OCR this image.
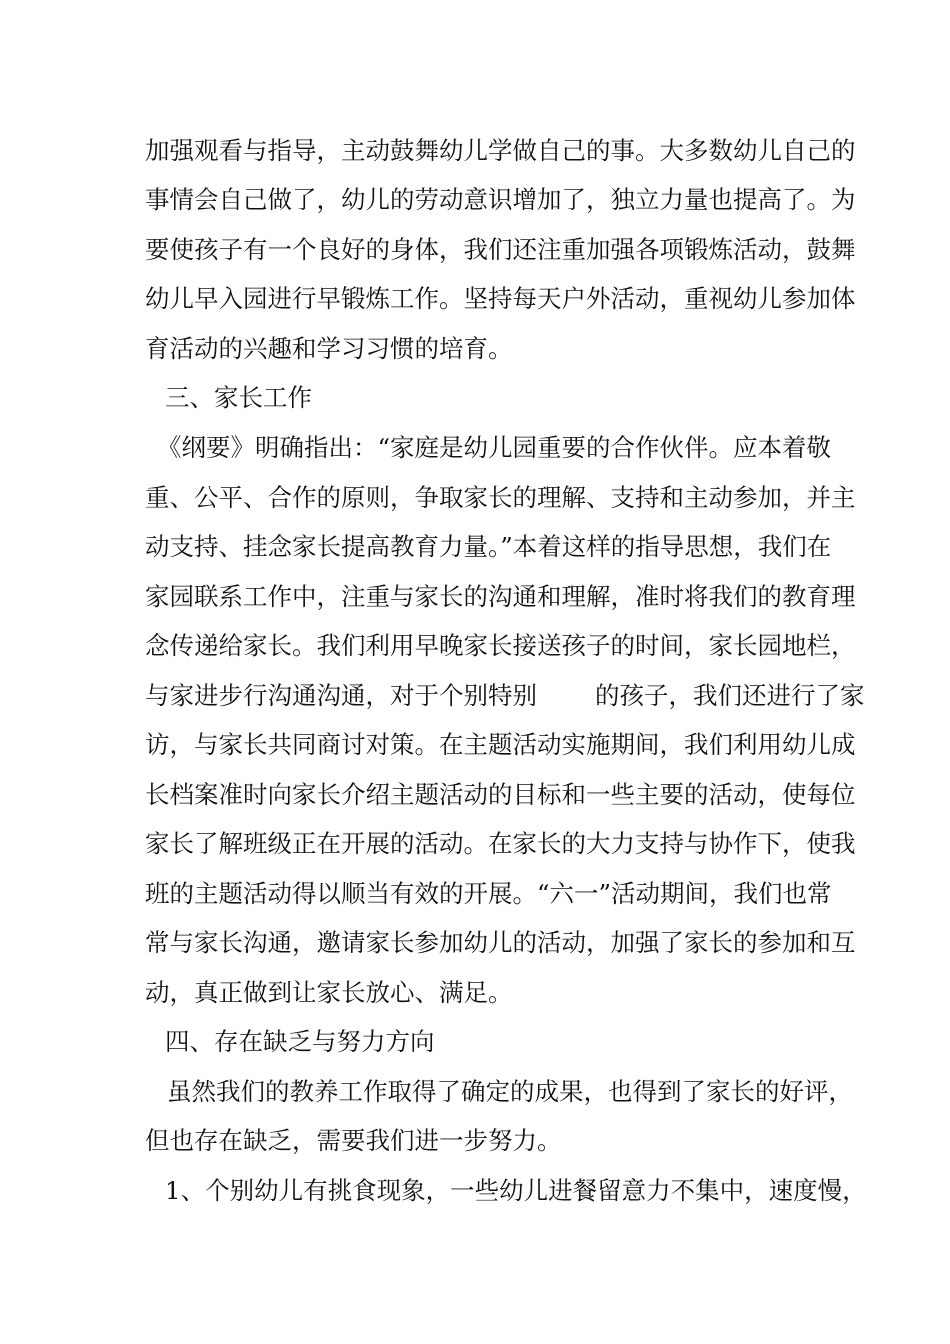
加强观看与指导，主动鼓舞幼儿学做自己的事。大多数幼儿自己的
事情会自己做了，幼儿的劳动意识增加了，独立力量也提高了。为
要使孩子有一个良好的身体，我们还注重加强各项锻炼活动，鼓舞
幼儿早入园进行早锻炼工作。坚持每天户外活动，重视幼儿参加体
育活动的兴趣和学习习惯的培育。
三、家长工作
《纲要》明确指出：“家庭是幼儿园重要的合作伙伴。应本着敬
重、公平、合作的原则，争取家长的理解、支持和主动参加，并主
动支持、挂念家长提高教育力量。”本着这样的指导思想，我们在
家园联系工作中，注重与家长的沟通和理解，准时将我们的教育理
念传递给家长。我们利用早晚家长接送孩子的时间，家长园地栏，
与家进步行沟通沟通，对于个别特别 的孩子，我们还进行了家
访，与家长共同商讨对策。在主题活动实施期间，我们利用幼儿成
长档案准时向家长介绍主题活动的目标和一些主要的活动，使每位
家长了解班级正在开展的活动。在家长的大力支持与协作下，使我
班的主题活动得以顺当有效的开展。“六一”活动期间，我们也常
常与家长沟通，邀请家长参加幼儿的活动，加强了家长的参加和互
动，真正做到让家长放心、满足。
四、存在缺乏与努力方向
虽然我们的教养工作取得了确定的成果，也得到了家长的好评，
但也存在缺乏，需要我们进一步努力。
1、个别幼儿有挑食现象，一些幼儿进餐留意力不集中，速度慢，
